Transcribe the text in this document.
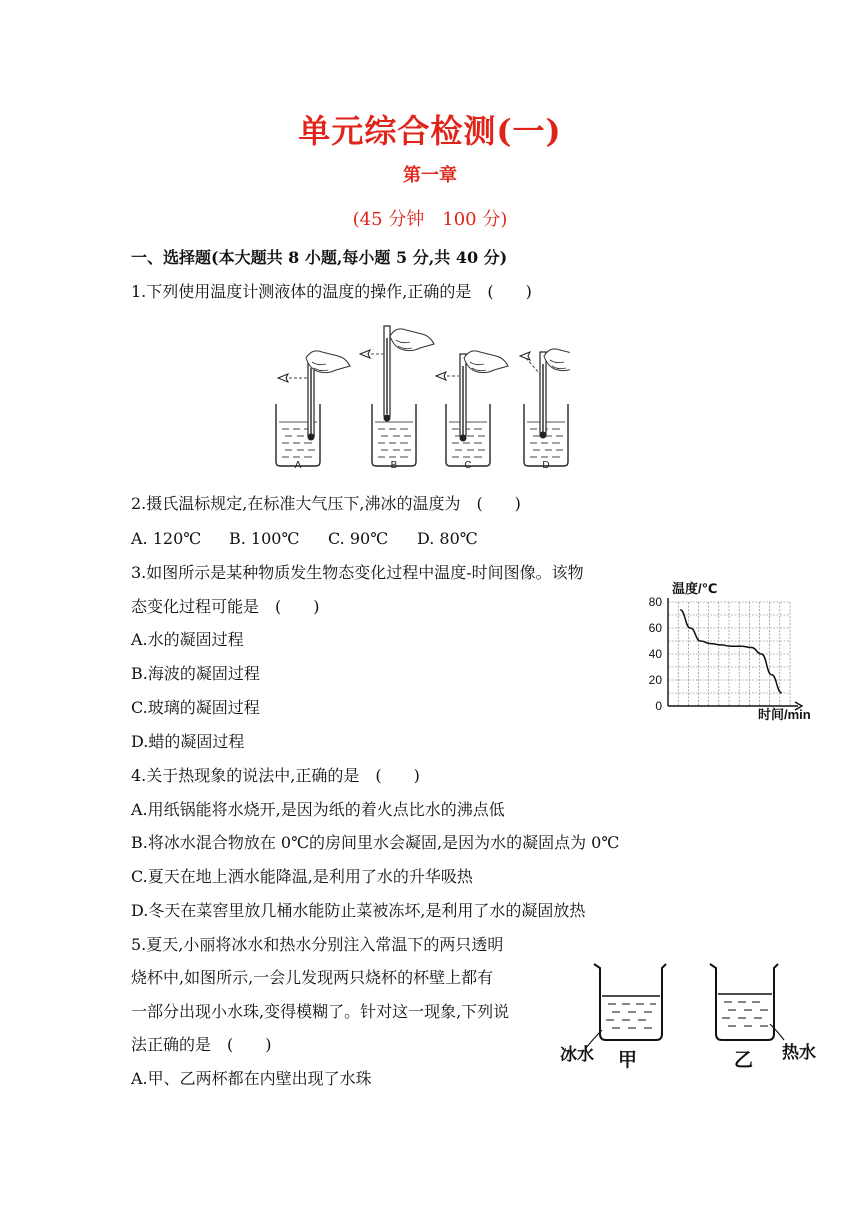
单元综合检测(一)
第一章
(45 分钟　100 分)
一、选择题(本大题共 8 小题,每小题 5 分,共 40 分)
1.下列使用温度计测液体的温度的操作,正确的是　(　　)
A	B	C	D
2.摄氏温标规定,在标准大气压下,沸冰的温度为　(　　)
A. 120℃ B. 100℃ C. 90℃ D. 80℃
3.如图所示是某种物质发生物态变化过程中温度-时间图像。该物
态变化过程可能是　(　　)
A.水的凝固过程
B.海波的凝固过程
C.玻璃的凝固过程
D.蜡的凝固过程
温度/℃
0
20
40
60
80
时间/min
4.关于热现象的说法中,正确的是　(　　)
A.用纸锅能将水烧开,是因为纸的着火点比水的沸点低
B.将冰水混合物放在 0℃的房间里水会凝固,是因为水的凝固点为 0℃
C.夏天在地上洒水能降温,是利用了水的升华吸热
D.冬天在菜窖里放几桶水能防止菜被冻坏,是利用了水的凝固放热
5.夏天,小丽将冰水和热水分别注入常温下的两只透明
烧杯中,如图所示,一会儿发现两只烧杯的杯壁上都有
一部分出现小水珠,变得模糊了。针对这一现象,下列说
法正确的是　(　　)
A.甲、乙两杯都在内壁出现了水珠
冰水 甲	乙 热水
